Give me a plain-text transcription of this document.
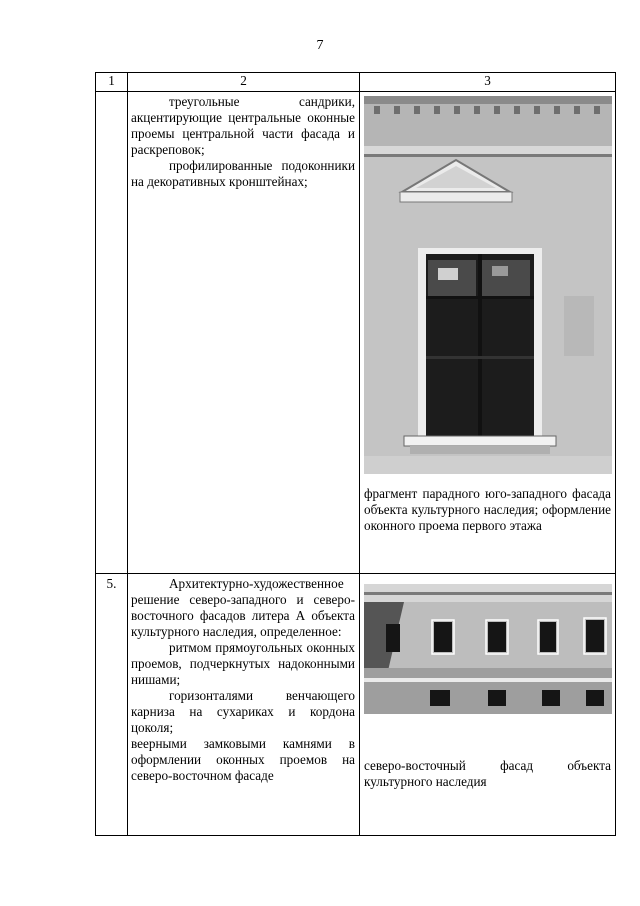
7
1	2	3

	треугольные сандрики, акцентирующие центральные оконные проемы центральной части фасада и раскреповок;

профилированные подоконники на декоративных кронштейнах;	фрагмент парадного юго-западного фасада объекта культурного наследия; оформление оконного проема первого этажа

5.	Архитектурно-художественное решение северо-западного и северо-восточного фасадов литера А объекта культурного наследия, определенное:

ритмом прямоугольных оконных проемов, подчеркнутых надоконными нишами;

горизонталями венчающего карниза на сухариках и кордона цоколя;

веерными замковыми камнями в оформлении оконных проемов на северо-восточном фасаде	северо-восточный фасад объекта культурного наследия
